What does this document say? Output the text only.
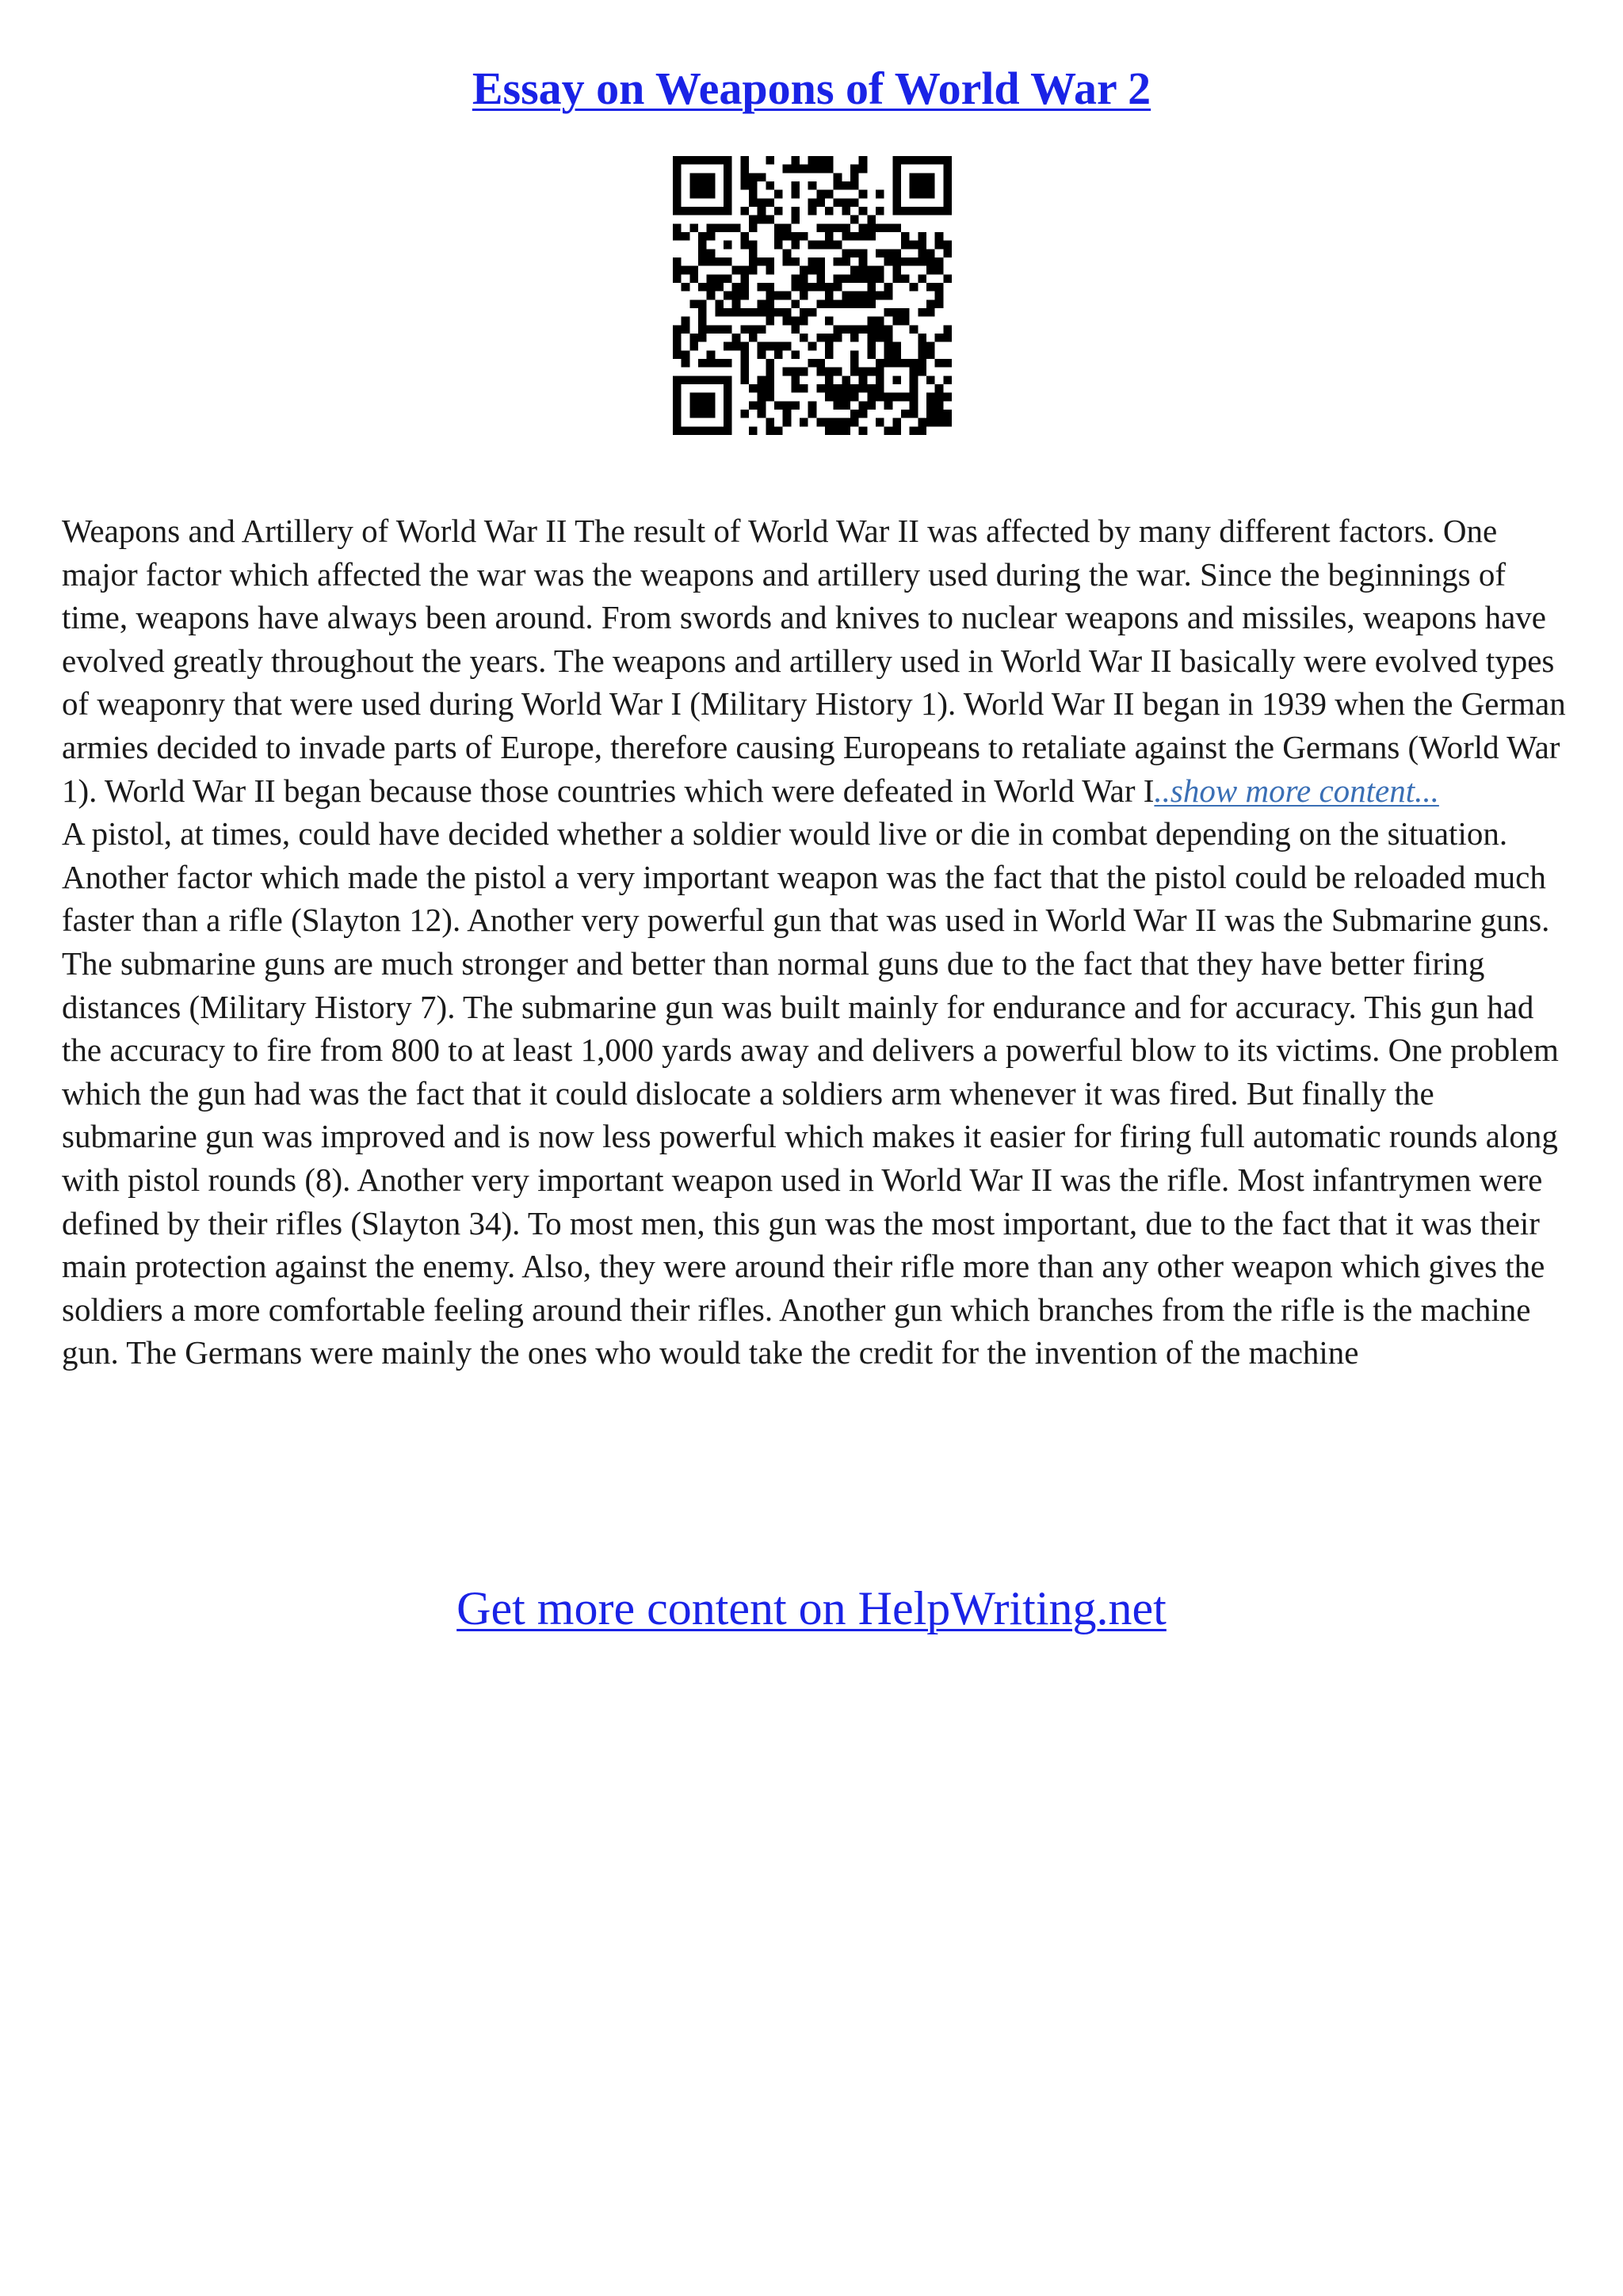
Essay on Weapons of World War 2

Weapons and Artillery of World War II The result of World War II was affected by many different factors. One major factor which affected the war was the weapons and artillery used during the war. Since the beginnings of time, weapons have always been around. From swords and knives to nuclear weapons and missiles, weapons have evolved greatly throughout the years. The weapons and artillery used in World War II basically were evolved types of weaponry that were used during World War I (Military History 1). World War II began in 1939 when the German armies decided to invade parts of Europe, therefore causing Europeans to retaliate against the Germans (World War 1). World War II began because those countries which were defeated in World War I..show more content...

A pistol, at times, could have decided whether a soldier would live or die in combat depending on the situation. Another factor which made the pistol a very important weapon was the fact that the pistol could be reloaded much faster than a rifle (Slayton 12). Another very powerful gun that was used in World War II was the Submarine guns. The submarine guns are much stronger and better than normal guns due to the fact that they have better firing distances (Military History 7). The submarine gun was built mainly for endurance and for accuracy. This gun had the accuracy to fire from 800 to at least 1,000 yards away and delivers a powerful blow to its victims. One problem which the gun had was the fact that it could dislocate a soldiers arm whenever it was fired. But finally the submarine gun was improved and is now less powerful which makes it easier for firing full automatic rounds along with pistol rounds (8). Another very important weapon used in World War II was the rifle. Most infantrymen were defined by their rifles (Slayton 34). To most men, this gun was the most important, due to the fact that it was their main protection against the enemy. Also, they were around their rifle more than any other weapon which gives the soldiers a more comfortable feeling around their rifles. Another gun which branches from the rifle is the machine gun. The Germans were mainly the ones who would take the credit for the invention of the machine

Get more content on HelpWriting.net
